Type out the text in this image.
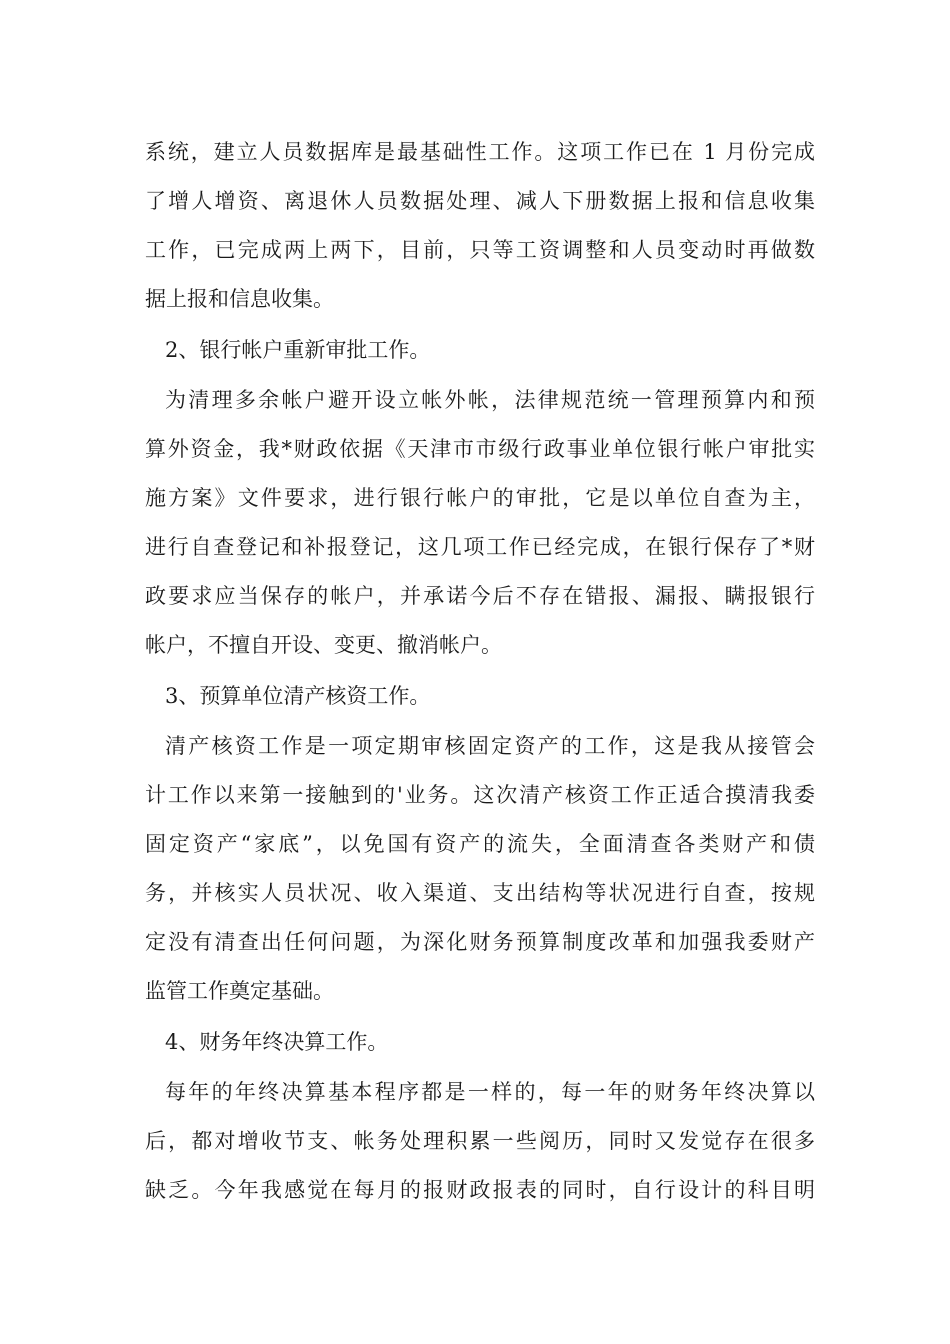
系统，建立人员数据库是最基础性工作。这项工作已在 1 月份完成
了增人增资、离退休人员数据处理、减人下册数据上报和信息收集
工作，已完成两上两下，目前，只等工资调整和人员变动时再做数
据上报和信息收集。
2、银行帐户重新审批工作。
为清理多余帐户避开设立帐外帐，法律规范统一管理预算内和预
算外资金，我*财政依据《天津市市级行政事业单位银行帐户审批实
施方案》文件要求，进行银行帐户的审批，它是以单位自查为主，
进行自查登记和补报登记，这几项工作已经完成，在银行保存了*财
政要求应当保存的帐户，并承诺今后不存在错报、漏报、瞒报银行
帐户，不擅自开设、变更、撤消帐户。
3、预算单位清产核资工作。
清产核资工作是一项定期审核固定资产的工作，这是我从接管会
计工作以来第一接触到的'业务。这次清产核资工作正适合摸清我委
固定资产“家底”，以免国有资产的流失，全面清查各类财产和债
务，并核实人员状况、收入渠道、支出结构等状况进行自查，按规
定没有清查出任何问题，为深化财务预算制度改革和加强我委财产
监管工作奠定基础。
4、财务年终决算工作。
每年的年终决算基本程序都是一样的，每一年的财务年终决算以
后，都对增收节支、帐务处理积累一些阅历，同时又发觉存在很多
缺乏。今年我感觉在每月的报财政报表的同时，自行设计的科目明
